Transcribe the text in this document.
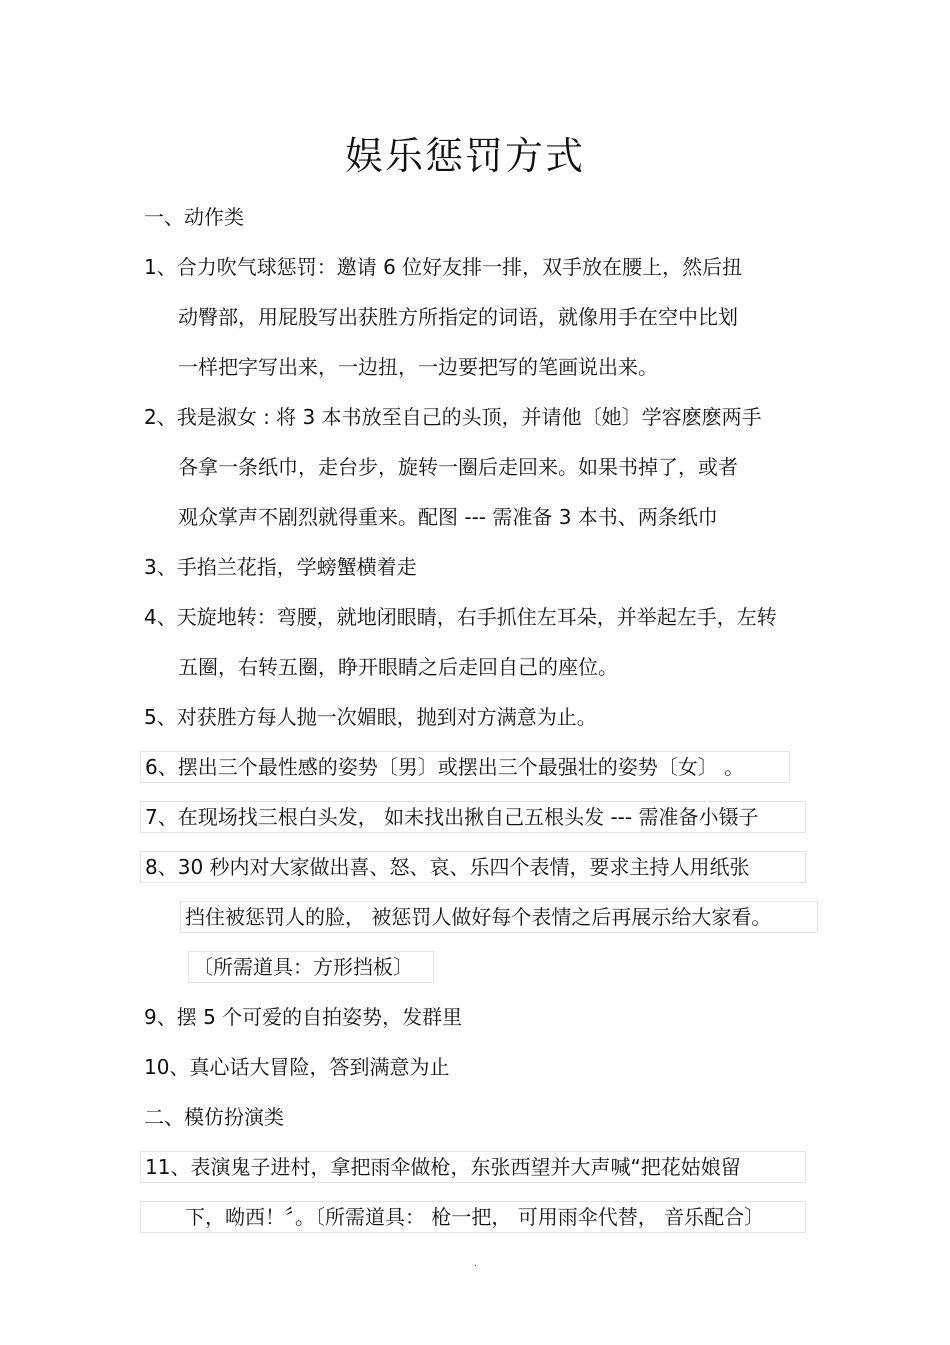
娱乐惩罚方式
一、动作类
1、合力吹气球惩罚：邀请 6 位好友排一排，双手放在腰上，然后扭
动臀部，用屁股写出获胜方所指定的词语，就像用手在空中比划
一样把字写出来，一边扭，一边要把写的笔画说出来。
2、我是淑女 : 将 3 本书放至自己的头顶，并请他〔她〕学容麽麽两手
各拿一条纸巾，走台步，旋转一圈后走回来。如果书掉了，或者
观众掌声不剧烈就得重来。配图 --- 需准备 3 本书、两条纸巾
3、手掐兰花指，学螃蟹横着走
4、天旋地转：弯腰，就地闭眼睛，右手抓住左耳朵，并举起左手，左转
五圈，右转五圈，睁开眼睛之后走回自己的座位。
5、对获胜方每人抛一次媚眼，抛到对方满意为止。
6、摆出三个最性感的姿势〔男〕或摆出三个最强壮的姿势〔女〕 。
7、在现场找三根白头发， 如未找出揪自己五根头发 --- 需准备小镊子
8、30 秒内对大家做出喜、怒、哀、乐四个表情，要求主持人用纸张
挡住被惩罚人的脸， 被惩罚人做好每个表情之后再展示给大家看。
〔所需道具：方形挡板〕
9、摆 5 个可爱的自拍姿势，发群里
10、真心话大冒险，答到满意为止
二、模仿扮演类
11、表演鬼子进村，拿把雨伞做枪，东张西望并大声喊“把花姑娘留
下，呦西！〞。〔所需道具： 枪一把， 可用雨伞代替， 音乐配合〕
.
